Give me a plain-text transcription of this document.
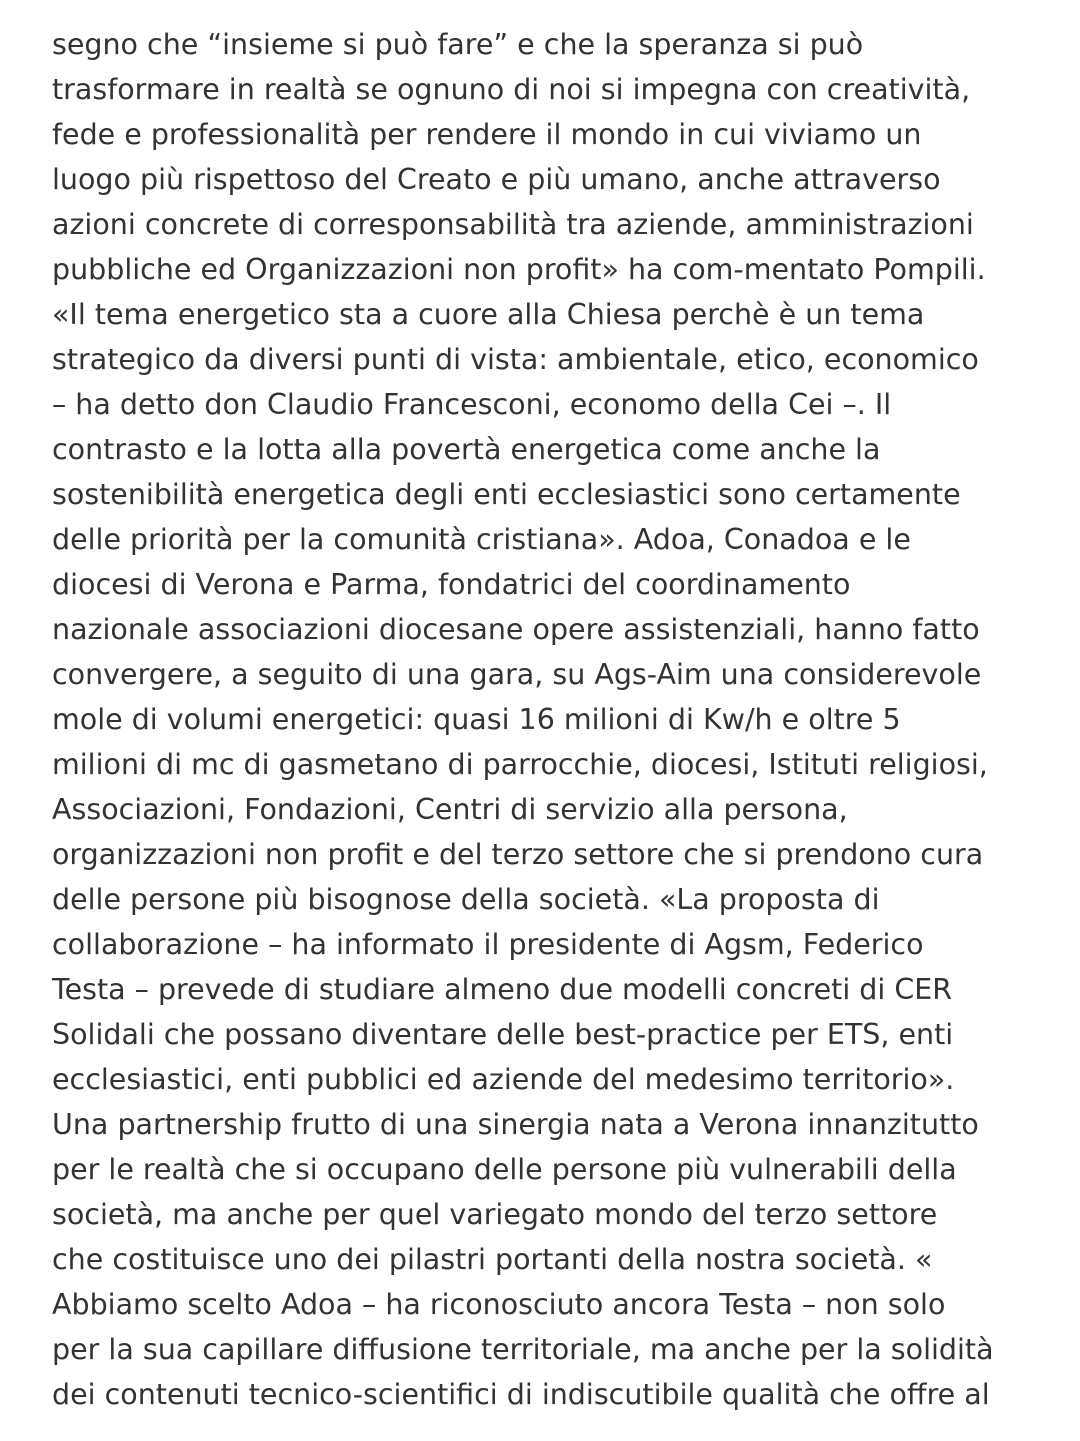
segno che “insieme si può fare” e che la speranza si può
trasformare in realtà se ognuno di noi si impegna con creatività,
fede e professionalità per rendere il mondo in cui viviamo un
luogo più rispettoso del Creato e più umano, anche attraverso
azioni concrete di corresponsabilità tra aziende, amministrazioni
pubbliche ed Organizzazioni non profit» ha com-mentato Pompili.
«Il tema energetico sta a cuore alla Chiesa perchè è un tema
strategico da diversi punti di vista: ambientale, etico, economico
– ha detto don Claudio Francesconi, economo della Cei –. Il
contrasto e la lotta alla povertà energetica come anche la
sostenibilità energetica degli enti ecclesiastici sono certamente
delle priorità per la comunità cristiana». Adoa, Conadoa e le
diocesi di Verona e Parma, fondatrici del coordinamento
nazionale associazioni diocesane opere assistenziali, hanno fatto
convergere, a seguito di una gara, su Ags-Aim una considerevole
mole di volumi energetici: quasi 16 milioni di Kw/h e oltre 5
milioni di mc di gasmetano di parrocchie, diocesi, Istituti religiosi,
Associazioni, Fondazioni, Centri di servizio alla persona,
organizzazioni non profit e del terzo settore che si prendono cura
delle persone più bisognose della società. «La proposta di
collaborazione – ha informato il presidente di Agsm, Federico
Testa – prevede di studiare almeno due modelli concreti di CER
Solidali che possano diventare delle best-practice per ETS, enti
ecclesiastici, enti pubblici ed aziende del medesimo territorio».
Una partnership frutto di una sinergia nata a Verona innanzitutto
per le realtà che si occupano delle persone più vulnerabili della
società, ma anche per quel variegato mondo del terzo settore
che costituisce uno dei pilastri portanti della nostra società. «
Abbiamo scelto Adoa – ha riconosciuto ancora Testa – non solo
per la sua capillare diffusione territoriale, ma anche per la solidità
dei contenuti tecnico-scientifici di indiscutibile qualità che offre al
